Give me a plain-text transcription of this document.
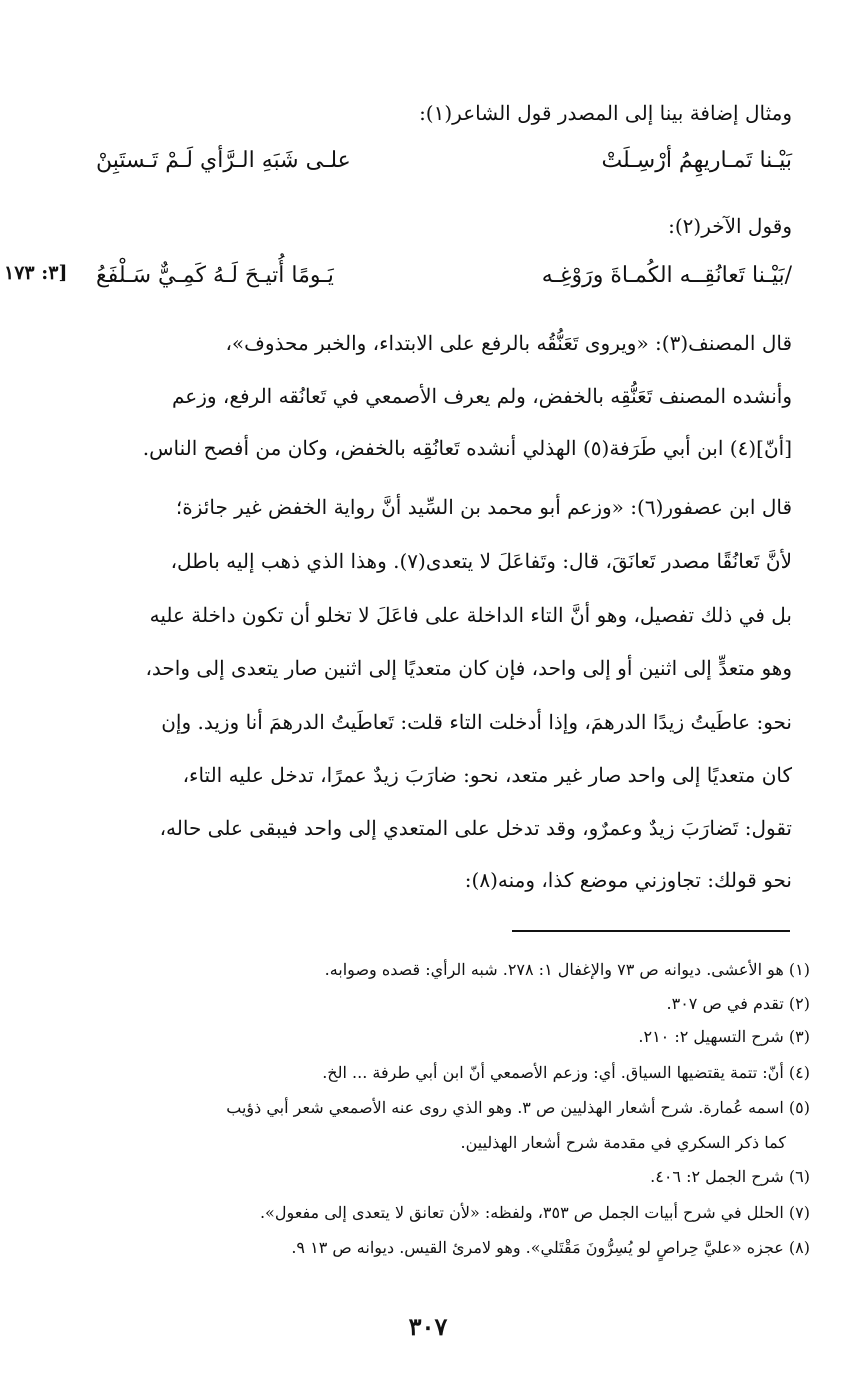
ومثال إضافة بينا إلى المصدر قول الشاعر(١):
بَيْـنا تَمـاريهِمُ أرْسِـلَتْ
علـى شَبَهِ الـرَّأي لَـمْ تَـستَبِنْ
وقول الآخر(٢):
/بَيْـنا تَعانُقِــه الكُمـاةَ ورَوْغِـه
يَـومًا أُتيـحَ لَـهُ كَمِـيٌّ سَـلْفَعُ
[٣: ١٧٣
قال المصنف(٣): «ويروى تَعَنُّقُه بالرفع على الابتداء، والخبر محذوف»،
وأنشده المصنف تَعَنُّقِه بالخفض، ولم يعرف الأصمعي في تَعانُقه الرفع، وزعم
[أنّ](٤) ابن أبي طَرَفة(٥) الهذلي أنشده تَعانُقِه بالخفض، وكان من أفصح الناس.
قال ابن عصفور(٦): «وزعم أبو محمد بن السِّيد أنَّ رواية الخفض غير جائزة؛
لأنَّ تَعانُقًا مصدر تَعانَقَ، قال: وتَفاعَلَ لا يتعدى(٧). وهذا الذي ذهب إليه باطل،
بل في ذلك تفصيل، وهو أنَّ التاء الداخلة على فاعَلَ لا تخلو أن تكون داخلة عليه
وهو متعدٍّ إلى اثنين أو إلى واحد، فإن كان متعديًا إلى اثنين صار يتعدى إلى واحد،
نحو: عاطَيتُ زيدًا الدرهمَ، وإذا أدخلت التاء قلت: تَعاطَيتُ الدرهمَ أنا وزيد. وإن
كان متعديًا إلى واحد صار غير متعد، نحو: ضارَبَ زيدٌ عمرًا، تدخل عليه التاء،
تقول: تَضارَبَ زيدٌ وعمرٌو، وقد تدخل على المتعدي إلى واحد فيبقى على حاله،
نحو قولك: تجاوزني موضع كذا، ومنه(٨):
(١) هو الأعشى. ديوانه ص ٧٣ والإغفال ١: ٢٧٨. شبه الرأي: قصده وصوابه.
(٢) تقدم في ص ٣٠٧.
(٣) شرح التسهيل ٢: ٢١٠.
(٤) أنّ: تتمة يقتضيها السياق. أي: وزعم الأصمعي أنّ ابن أبي طرفة ... الخ.
(٥) اسمه عُمارة. شرح أشعار الهذليين ص ٣. وهو الذي روى عنه الأصمعي شعر أبي ذؤيب
كما ذكر السكري في مقدمة شرح أشعار الهذليين.
(٦) شرح الجمل ٢: ٤٠٦.
(٧) الحلل في شرح أبيات الجمل ص ٣٥٣، ولفظه: «لأن تعانق لا يتعدى إلى مفعول».
(٨) عجزه «عليَّ حِراصٍ لو يُسِرُّونَ مَقْتَلي». وهو لامرئ القيس. ديوانه ص ١٣ ٩.
٣٠٧
